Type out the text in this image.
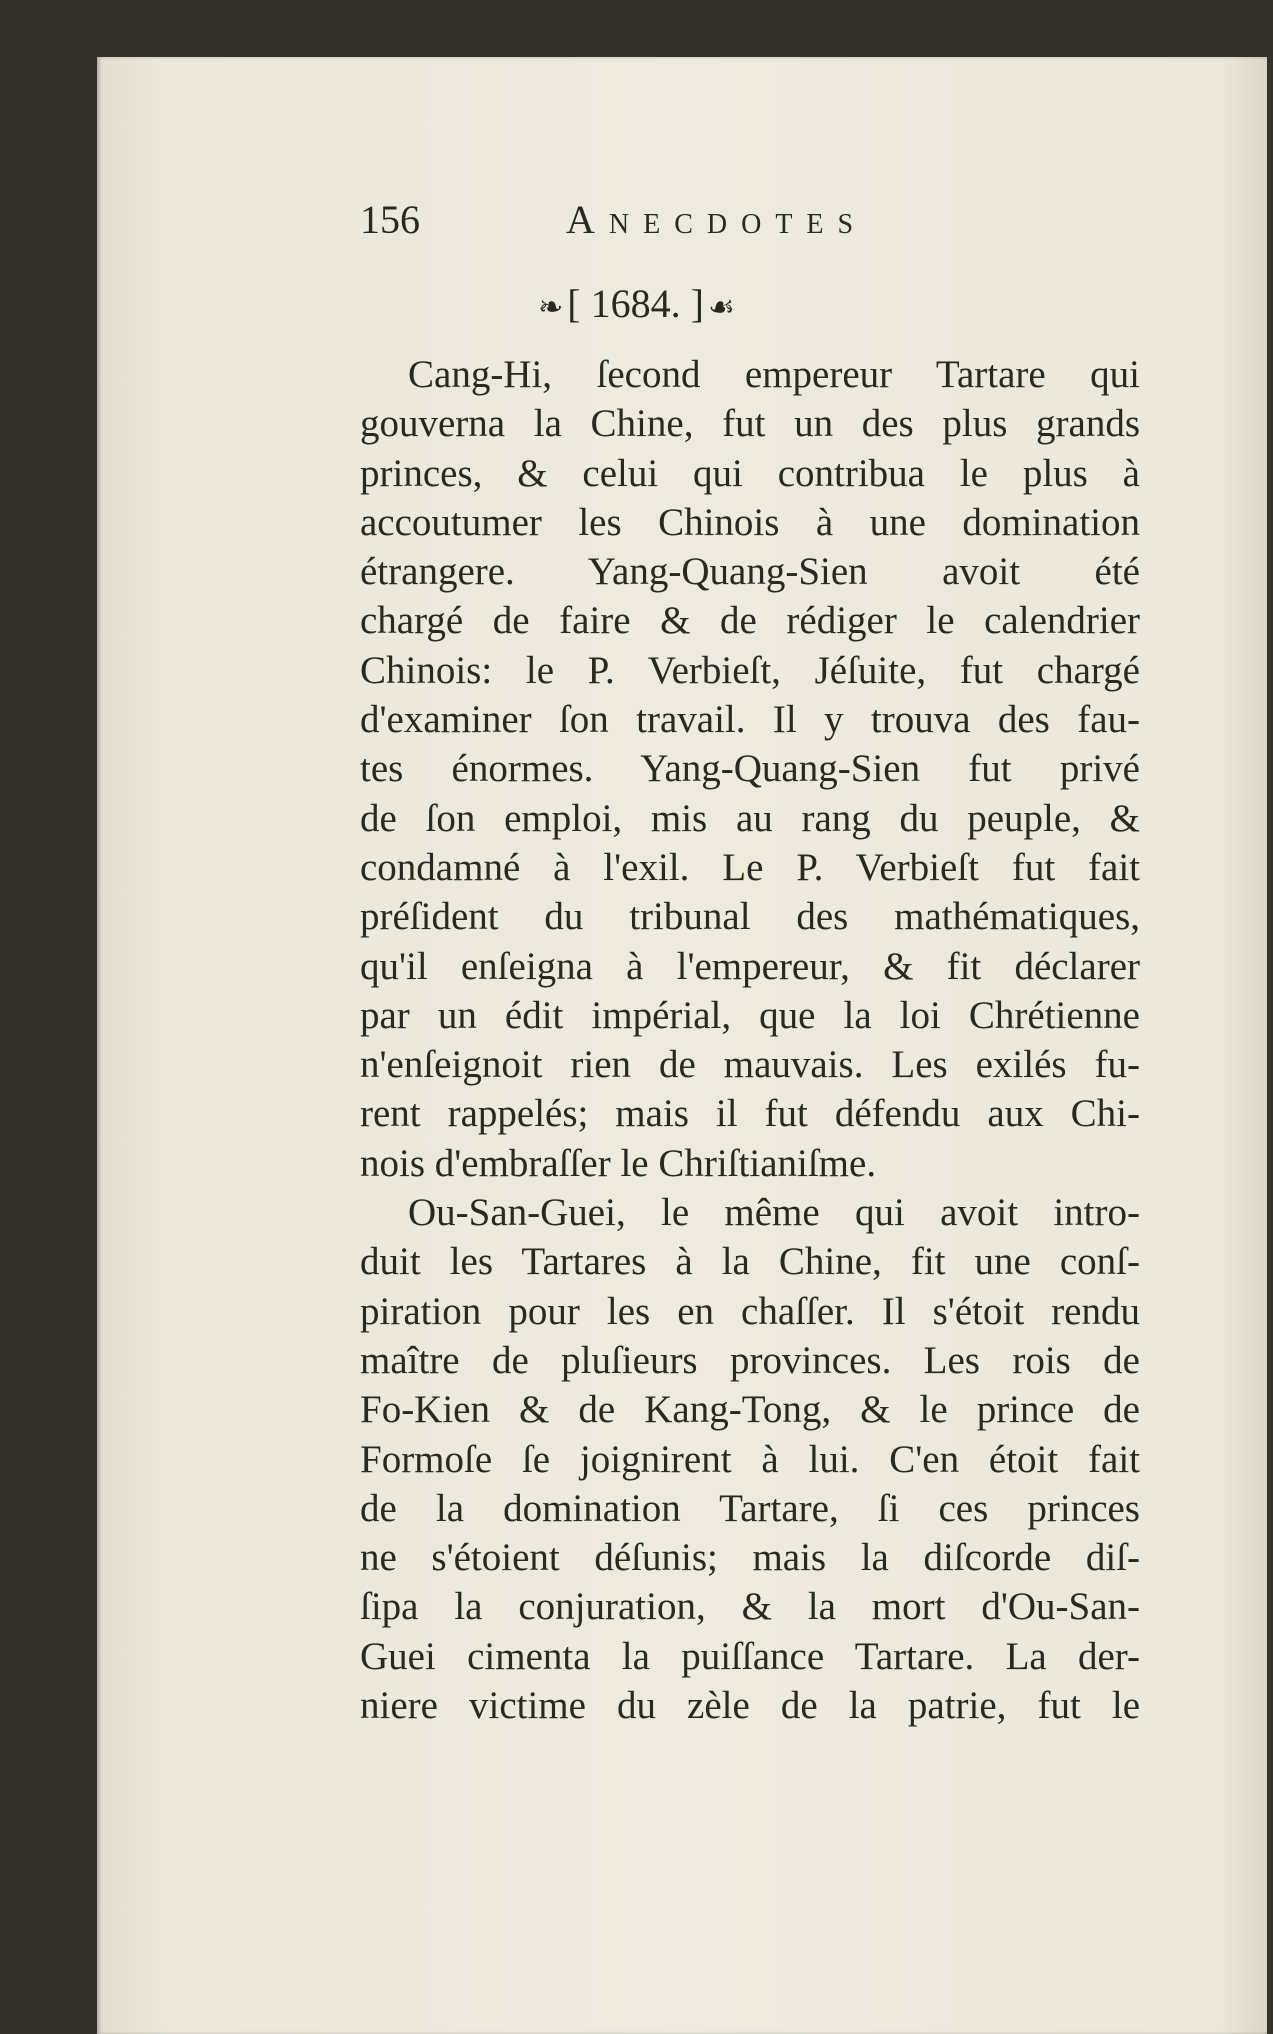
156	Anecdotes
❧ [ 1684. ] ☙
Cang-Hi, ſecond empereur Tartare qui
gouverna la Chine, fut un des plus grands
princes, & celui qui contribua le plus à
accoutumer les Chinois à une domination
étrangere. Yang-Quang-Sien avoit été
chargé de faire & de rédiger le calendrier
Chinois: le P. Verbieſt, Jéſuite, fut chargé
d'examiner ſon travail. Il y trouva des fau-
tes énormes. Yang-Quang-Sien fut privé
de ſon emploi, mis au rang du peuple, &
condamné à l'exil. Le P. Verbieſt fut fait
préſident du tribunal des mathématiques,
qu'il enſeigna à l'empereur, & fit déclarer
par un édit impérial, que la loi Chrétienne
n'enſeignoit rien de mauvais. Les exilés fu-
rent rappelés; mais il fut défendu aux Chi-
nois d'embraſſer le Chriſtianiſme.
Ou-San-Guei, le même qui avoit intro-
duit les Tartares à la Chine, fit une conſ-
piration pour les en chaſſer. Il s'étoit rendu
maître de pluſieurs provinces. Les rois de
Fo-Kien & de Kang-Tong, & le prince de
Formoſe ſe joignirent à lui. C'en étoit fait
de la domination Tartare, ſi ces princes
ne s'étoient déſunis; mais la diſcorde diſ-
ſipa la conjuration, & la mort d'Ou-San-
Guei cimenta la puiſſance Tartare. La der-
niere victime du zèle de la patrie, fut le
